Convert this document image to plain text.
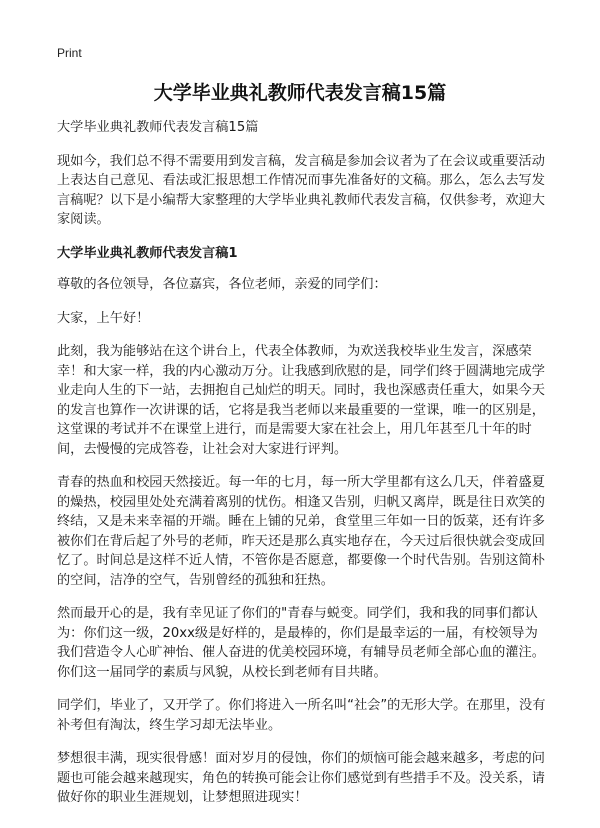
Print
大学毕业典礼教师代表发言稿15篇

大学毕业典礼教师代表发言稿15篇

现如今，我们总不得不需要用到发言稿，发言稿是参加会议者为了在会议或重要活动上表达自己意见、看法或汇报思想工作情况而事先准备好的文稿。那么，怎么去写发言稿呢？以下是小编帮大家整理的大学毕业典礼教师代表发言稿，仅供参考，欢迎大家阅读。

大学毕业典礼教师代表发言稿1

尊敬的各位领导，各位嘉宾，各位老师，亲爱的同学们：

大家，上午好！

此刻，我为能够站在这个讲台上，代表全体教师，为欢送我校毕业生发言，深感荣幸！和大家一样，我的内心激动万分。让我感到欣慰的是，同学们终于圆满地完成学业走向人生的下一站，去拥抱自己灿烂的明天。同时，我也深感责任重大，如果今天的发言也算作一次讲课的话，它将是我当老师以来最重要的一堂课，唯一的区别是，这堂课的考试并不在课堂上进行，而是需要大家在社会上，用几年甚至几十年的时间，去慢慢的完成答卷，让社会对大家进行评判。

青春的热血和校园天然接近。每一年的七月，每一所大学里都有这么几天，伴着盛夏的燥热，校园里处处充满着离别的忧伤。相逢又告别，归帆又离岸，既是往日欢笑的终结，又是未来幸福的开端。睡在上铺的兄弟，食堂里三年如一日的饭菜，还有许多被你们在背后起了外号的老师，昨天还是那么真实地存在，今天过后很快就会变成回忆了。时间总是这样不近人情，不管你是否愿意，都要像一个时代告别。告别这简朴的空间，洁净的空气，告别曾经的孤独和狂热。

然而最开心的是，我有幸见证了你们的"青春与蜕变。同学们，我和我的同事们都认为：你们这一级，20xx级是好样的，是最棒的，你们是最幸运的一届，有校领导为我们营造令人心旷神怡、催人奋进的优美校园环境，有辅导员老师全部心血的灌注。你们这一届同学的素质与风貌，从校长到老师有目共睹。

同学们，毕业了，又开学了。你们将进入一所名叫“社会”的无形大学。在那里，没有补考但有淘汰，终生学习却无法毕业。

梦想很丰满，现实很骨感！面对岁月的侵蚀，你们的烦恼可能会越来越多，考虑的问题也可能会越来越现实，角色的转换可能会让你们感觉到有些措手不及。没关系，请做好你的职业生涯规划，让梦想照进现实！
